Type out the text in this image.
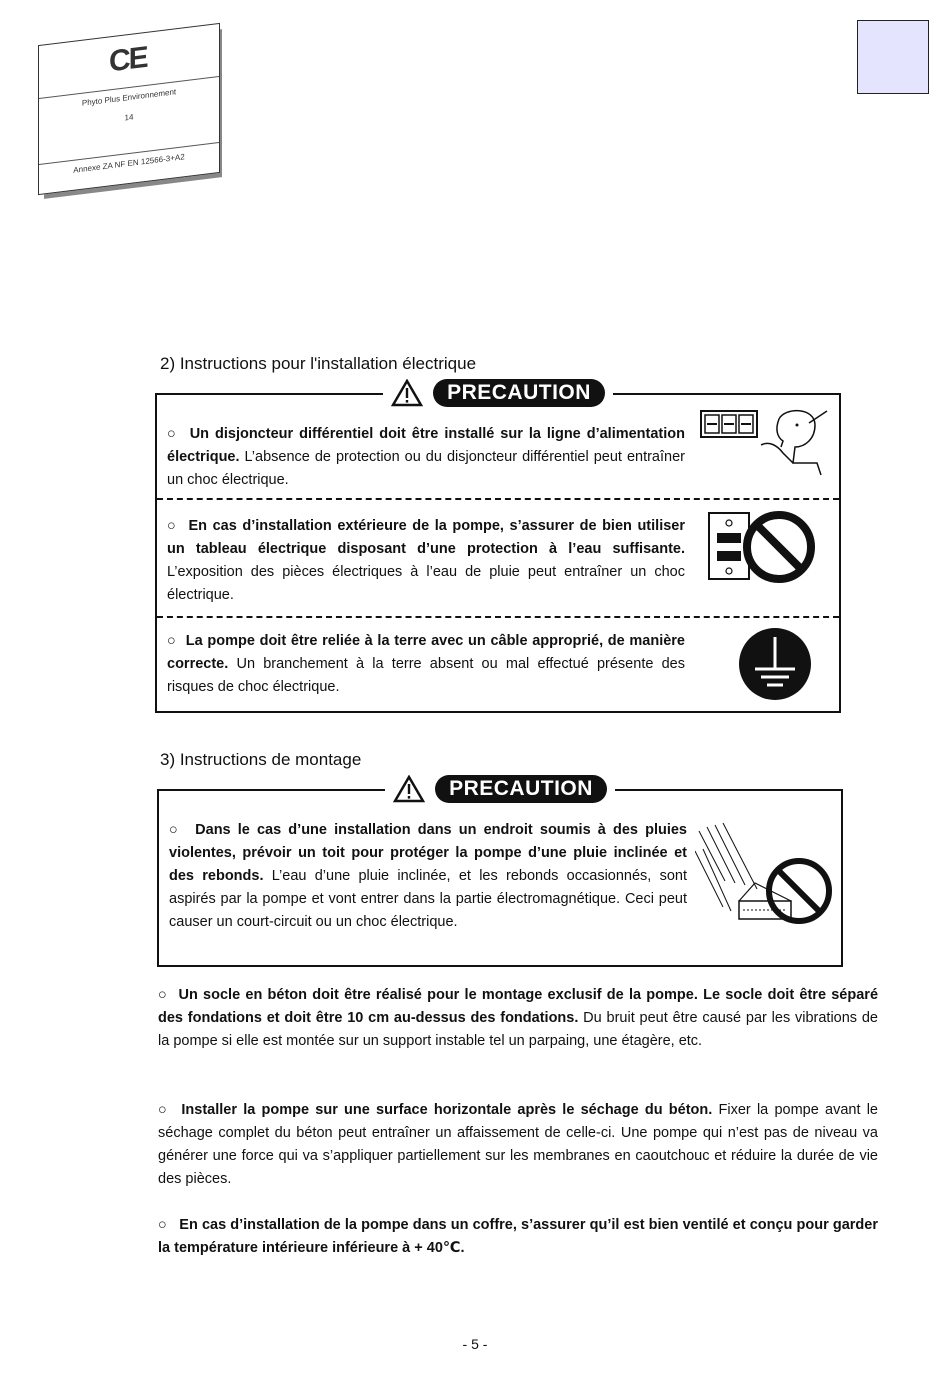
CE
Phyto Plus Environnement
14
Annexe ZA NF EN 12566-3+A2
2) Instructions pour l'installation électrique
PRECAUTION
○ Un disjoncteur différentiel doit être installé sur la ligne d’alimentation électrique. L’absence de protection ou du disjoncteur différentiel peut entraîner un choc électrique.
○ En cas d’installation extérieure de la pompe, s’assurer de bien utiliser un tableau électrique disposant d’une protection à l’eau suffisante. L’exposition des pièces électriques à l’eau de pluie peut entraîner un choc électrique.
○ La pompe doit être reliée à la terre avec un câble approprié, de manière correcte. Un branchement à la terre absent ou mal effectué présente des risques de choc électrique.
3) Instructions de montage
PRECAUTION
○ Dans le cas d’une installation dans un endroit soumis à des pluies violentes, prévoir un toit pour protéger la pompe d’une pluie inclinée et des rebonds. L’eau d’une pluie inclinée, et les rebonds occasionnés, sont aspirés par la pompe et vont entrer dans la partie électromagnétique. Ceci peut causer un court-circuit ou un choc électrique.
○ Un socle en béton doit être réalisé pour le montage exclusif de la pompe. Le socle doit être séparé des fondations et doit être 10 cm au-dessus des fondations. Du bruit peut être causé par les vibrations de la pompe si elle est montée sur un support instable tel un parpaing, une étagère, etc.
○ Installer la pompe sur une surface horizontale après le séchage du béton. Fixer la pompe avant le séchage complet du béton peut entraîner un affaissement de celle-ci. Une pompe qui n’est pas de niveau va générer une force qui va s’appliquer partiellement sur les membranes en caoutchouc et réduire la durée de vie des pièces.
○ En cas d’installation de la pompe dans un coffre, s’assurer qu’il est bien ventilé et conçu pour garder la température intérieure inférieure à + 40℃.
- 5 -
